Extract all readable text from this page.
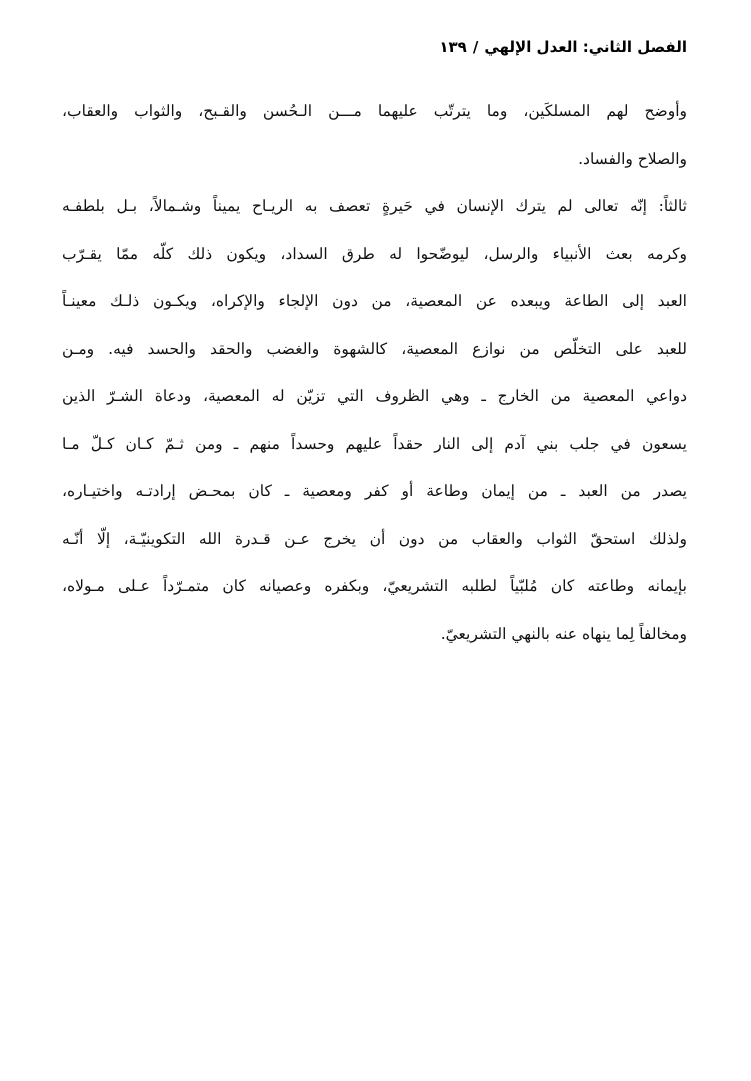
الفصل الثاني: العدل الإلهي
/
١٣٩
وأوضح لهم المسلكَين، وما يترتّب عليهما مـــن الـحُسن والقـبح، والثواب والعقاب،
والصلاح والفساد.
ثالثاً: إنّه تعالى لم يترك الإنسان في حَيرةٍ تعصف به الريـاح يميناً وشـمالاً، بـل بلطفـه
وكرمه بعث الأنبياء والرسل، ليوضّحوا له طرق السداد، ويكون ذلك كلّه ممّا يقـرّب
العبد إلى الطاعة ويبعده عن المعصية، من دون الإلجاء والإكراه، ويكـون ذلـك معينـاً
للعبد على التخلّص من نوازع المعصية، كالشهوة والغضب والحقد والحسد فيه. ومـن
دواعي المعصية من الخارج ـ وهي الظروف التي تزيّن له المعصية، ودعاة الشـرّ الذين
يسعون في جلب بني آدم إلى النار حقداً عليهم وحسداً منهم ـ ومن ثـمّ كـان كـلّ مـا
يصدر من العبد ـ من إيمان وطاعة أو كفر ومعصية ـ كان بمحـض إرادتـه واختيـاره،
ولذلك استحقّ الثواب والعقاب من دون أن يخرج عـن قـدرة الله التكوينيّـة، إلّا أنّـه
بإيمانه وطاعته كان مُلبّياً لطلبه التشريعيّ، وبكفره وعصيانه كان متمـرّداً عـلى مـولاه،
ومخالفاً لِما ينهاه عنه بالنهي التشريعيّ.
